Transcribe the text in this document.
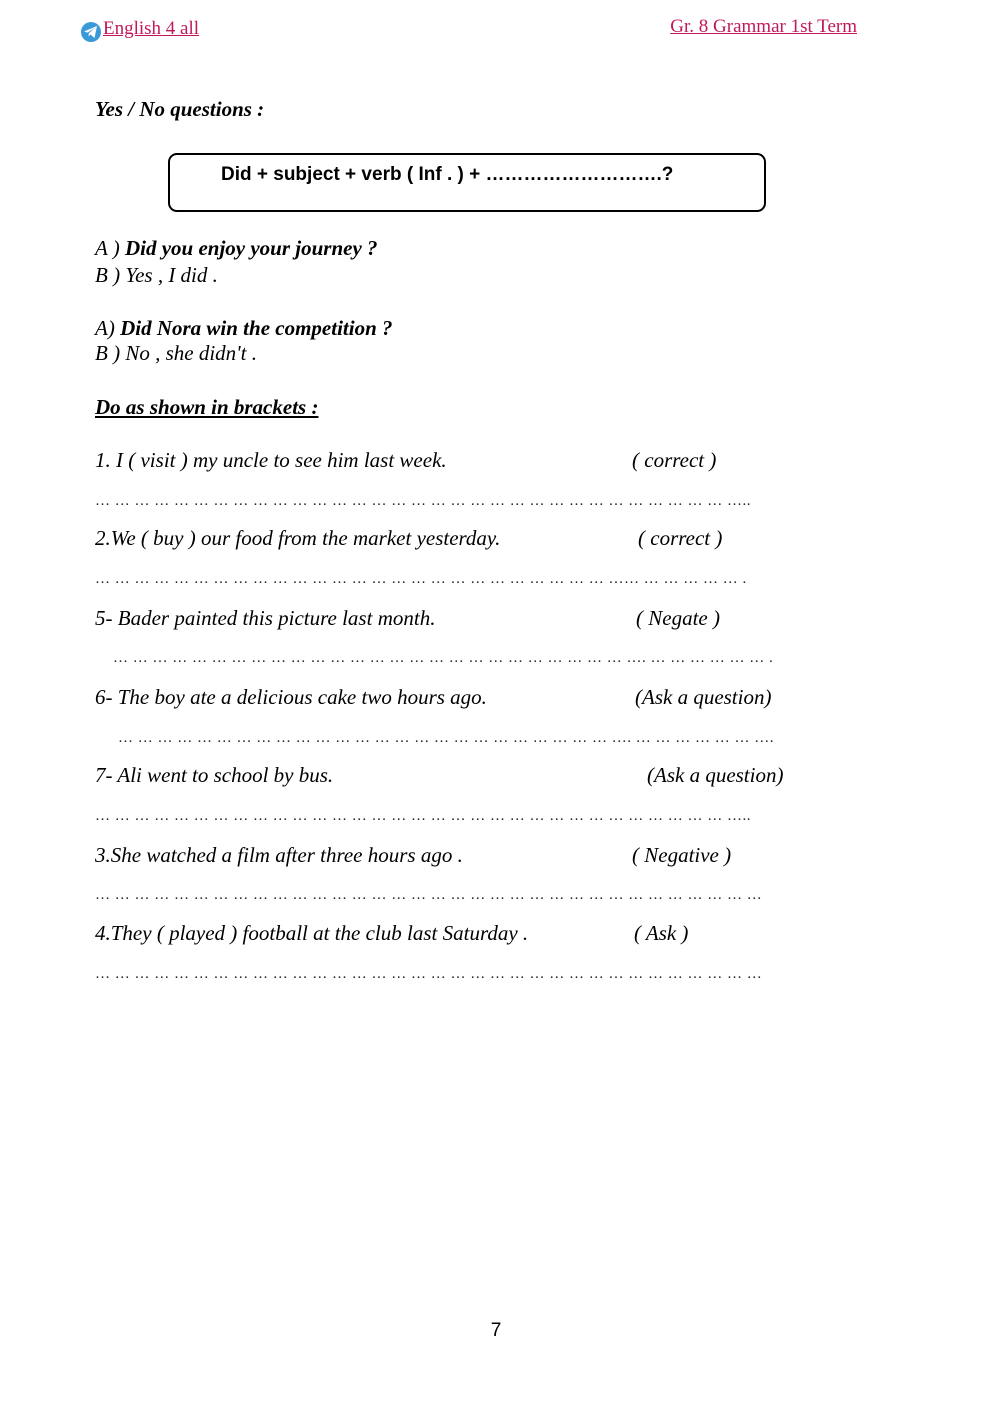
English 4 all	Gr. 8 Grammar 1st Term
Yes / No questions :
Did + subject + verb ( Inf . ) + ……………………….?
A ) Did you enjoy your journey ?
B ) Yes , I did .
A) Did Nora win the competition ?
B ) No , she didn't .
Do as shown in brackets :
1. I ( visit ) my uncle to see him last week.	( correct )
… … … … … … … … … … … … … … … … … … … … … … … … … … … … … … … … …..
2.We ( buy ) our food from the market yesterday.	( correct )
… … … … … … … … … … … … … … … … … … … … … … … … … … …… … … … … … .
5- Bader painted this picture last month.	( Negate )
… … … … … … … … … … … … … … … … … … … … … … … … … … …. … … … … … … .
6- The boy ate a delicious cake two hours ago.	(Ask a question)
… … … … … … … … … … … … … … … … … … … … … … … … … …. … … … … … … ….
7- Ali went to school by bus.	(Ask a question)
… … … … … … … … … … … … … … … … … … … … … … … … … … … … … … … … …..
3.She watched a film after three hours ago .	( Negative )
… … … … … … … … … … … … … … … … … … … … … … … … … … … … … … … … … …
4.They ( played ) football at the club last Saturday .	( Ask )
… … … … … … … … … … … … … … … … … … … … … … … … … … … … … … … … … …
7
